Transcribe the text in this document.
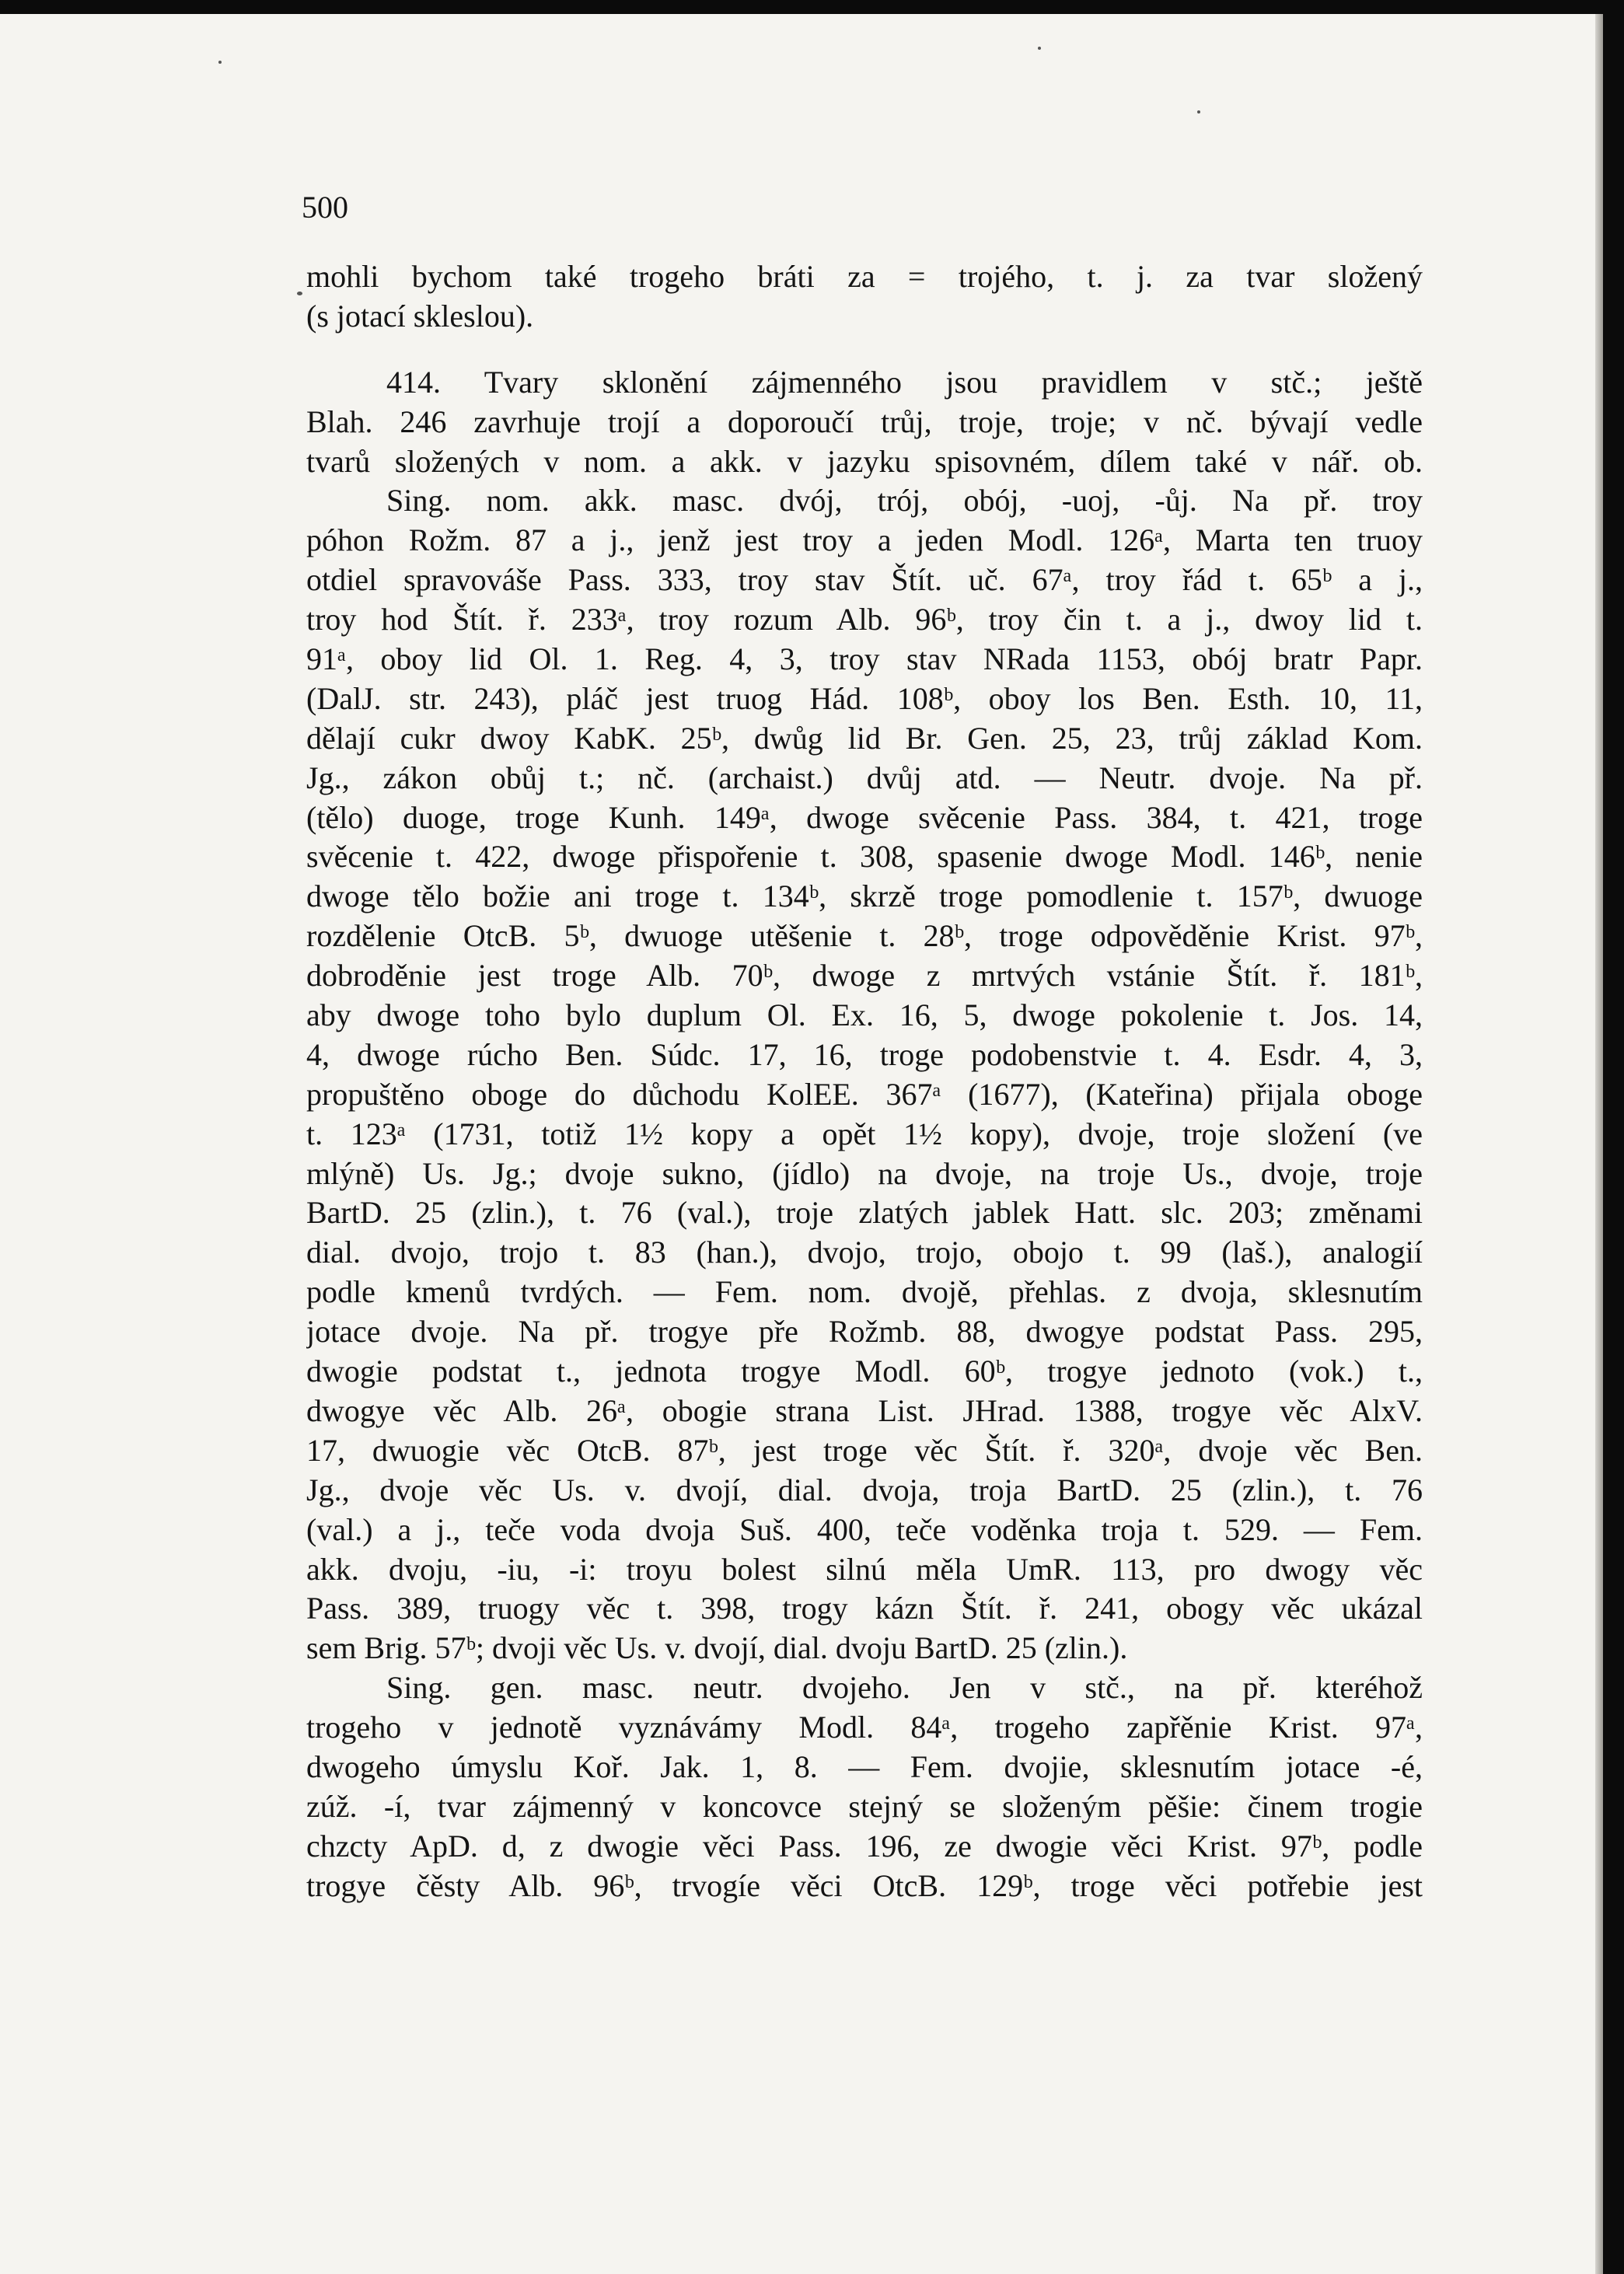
500
mohli bychom také trogeho bráti za = trojého, t. j. za tvar složený
(s jotací skleslou).
414. Tvary sklonění zájmenného jsou pravidlem v stč.; ještě
Blah. 246 zavrhuje trojí a doporoučí trůj, troje, troje; v nč. bývají vedle
tvarů složených v nom. a akk. v jazyku spisovném, dílem také v nář. ob.
Sing. nom. akk. masc. dvój, trój, obój, -uoj, -ůj. Na př. troy
póhon Rožm. 87 a j., jenž jest troy a jeden Modl. 126ᵃ, Marta ten truoy
otdiel spravováše Pass. 333, troy stav Štít. uč. 67ᵃ, troy řád t. 65ᵇ a j.,
troy hod Štít. ř. 233ᵃ, troy rozum Alb. 96ᵇ, troy čin t. a j., dwoy lid t.
91ᵃ, oboy lid Ol. 1. Reg. 4, 3, troy stav NRada 1153, obój bratr Papr.
(DalJ. str. 243), pláč jest truog Hád. 108ᵇ, oboy los Ben. Esth. 10, 11,
dělají cukr dwoy KabK. 25ᵇ, dwůg lid Br. Gen. 25, 23, trůj základ Kom.
Jg., zákon obůj t.; nč. (archaist.) dvůj atd. — Neutr. dvoje. Na př.
(tělo) duoge, troge Kunh. 149ᵃ, dwoge svěcenie Pass. 384, t. 421, troge
svěcenie t. 422, dwoge přispořenie t. 308, spasenie dwoge Modl. 146ᵇ, nenie
dwoge tělo božie ani troge t. 134ᵇ, skrzě troge pomodlenie t. 157ᵇ, dwuoge
rozdělenie OtcB. 5ᵇ, dwuoge utěšenie t. 28ᵇ, troge odpověděnie Krist. 97ᵇ,
dobroděnie jest troge Alb. 70ᵇ, dwoge z mrtvých vstánie Štít. ř. 181ᵇ,
aby dwoge toho bylo duplum Ol. Ex. 16, 5, dwoge pokolenie t. Jos. 14,
4, dwoge rúcho Ben. Súdc. 17, 16, troge podobenstvie t. 4. Esdr. 4, 3,
propuštěno oboge do důchodu KolEE. 367ᵃ (1677), (Kateřina) přijala oboge
t. 123ᵃ (1731, totiž 1½ kopy a opět 1½ kopy), dvoje, troje složení (ve
mlýně) Us. Jg.; dvoje sukno, (jídlo) na dvoje, na troje Us., dvoje, troje
BartD. 25 (zlin.), t. 76 (val.), troje zlatých jablek Hatt. slc. 203; změnami
dial. dvojo, trojo t. 83 (han.), dvojo, trojo, obojo t. 99 (laš.), analogií
podle kmenů tvrdých. — Fem. nom. dvojě, přehlas. z dvoja, sklesnutím
jotace dvoje. Na př. trogye pře Rožmb. 88, dwogye podstat Pass. 295,
dwogie podstat t., jednota trogye Modl. 60ᵇ, trogye jednoto (vok.) t.,
dwogye věc Alb. 26ᵃ, obogie strana List. JHrad. 1388, trogye věc AlxV.
17, dwuogie věc OtcB. 87ᵇ, jest troge věc Štít. ř. 320ᵃ, dvoje věc Ben.
Jg., dvoje věc Us. v. dvojí, dial. dvoja, troja BartD. 25 (zlin.), t. 76
(val.) a j., teče voda dvoja Suš. 400, teče voděnka troja t. 529. — Fem.
akk. dvoju, -iu, -i: troyu bolest silnú měla UmR. 113, pro dwogy věc
Pass. 389, truogy věc t. 398, trogy kázn Štít. ř. 241, obogy věc ukázal
sem Brig. 57ᵇ; dvoji věc Us. v. dvojí, dial. dvoju BartD. 25 (zlin.).
Sing. gen. masc. neutr. dvojeho. Jen v stč., na př. kteréhož
trogeho v jednotě vyznávámy Modl. 84ᵃ, trogeho zapřěnie Krist. 97ᵃ,
dwogeho úmyslu Koř. Jak. 1, 8. — Fem. dvojie, sklesnutím jotace -é,
zúž. -í, tvar zájmenný v koncovce stejný se složeným pěšie: činem trogie
chzcty ApD. d, z dwogie věci Pass. 196, ze dwogie věci Krist. 97ᵇ, podle
trogye čěsty Alb. 96ᵇ, trvogíe věci OtcB. 129ᵇ, troge věci potřebie jest
